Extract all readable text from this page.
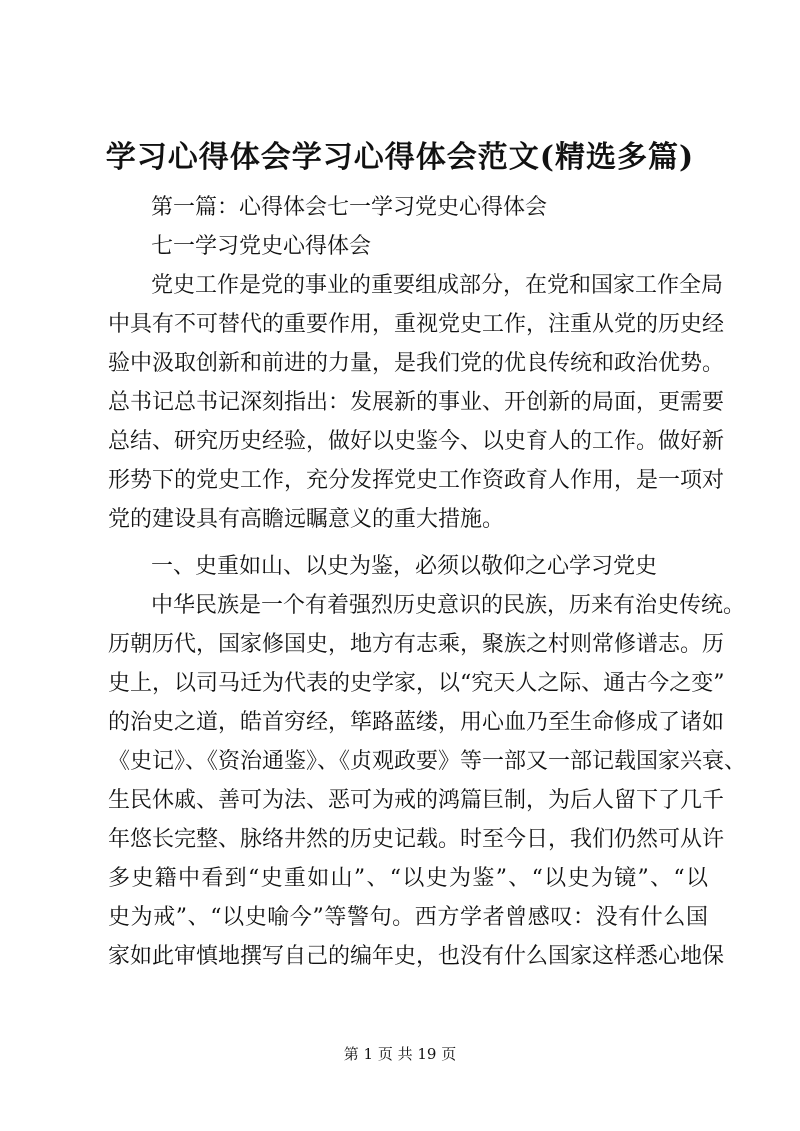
学习心得体会学习心得体会范文(精选多篇)
第一篇：心得体会七一学习党史心得体会
七一学习党史心得体会
党史工作是党的事业的重要组成部分，在党和国家工作全局
中具有不可替代的重要作用，重视党史工作，注重从党的历史经
验中汲取创新和前进的力量，是我们党的优良传统和政治优势。
总书记总书记深刻指出：发展新的事业、开创新的局面，更需要
总结、研究历史经验，做好以史鉴今、以史育人的工作。做好新
形势下的党史工作，充分发挥党史工作资政育人作用，是一项对
党的建设具有高瞻远瞩意义的重大措施。
一、史重如山、以史为鉴，必须以敬仰之心学习党史
中华民族是一个有着强烈历史意识的民族，历来有治史传统。
历朝历代，国家修国史，地方有志乘，聚族之村则常修谱志。历
史上，以司马迁为代表的史学家，以“究天人之际、通古今之变”
的治史之道，皓首穷经，筚路蓝缕，用心血乃至生命修成了诸如
《史记》、《资治通鉴》、《贞观政要》等一部又一部记载国家兴衰、
生民休戚、善可为法、恶可为戒的鸿篇巨制，为后人留下了几千
年悠长完整、脉络井然的历史记载。时至今日，我们仍然可从许
多史籍中看到“史重如山”、“以史为鉴”、“以史为镜”、“以
史为戒”、“以史喻今”等警句。西方学者曾感叹：没有什么国
家如此审慎地撰写自己的编年史，也没有什么国家这样悉心地保
第 1 页 共 19 页
